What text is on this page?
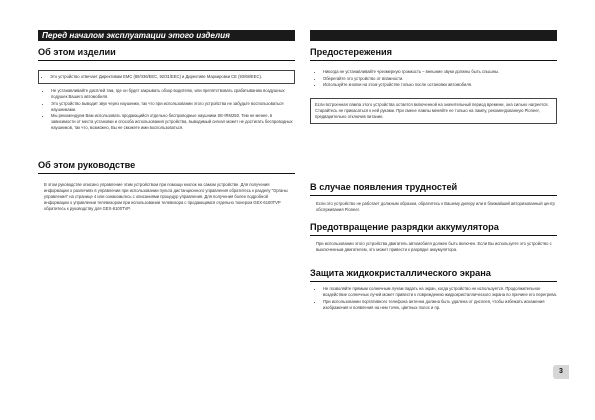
Перед началом эксплуатации этого изделия
Об этом изделии
• Это устройство отвечает Директивам EMC (89/336/EEC, 92/31/EEC) и Директиве Маркировки CE (93/68/EEC).
• Не устанавливайте дисплей там, где он будет закрывать обзор водителю, или препятствовать срабатыванию воздушных подушек Вашего автомобиля.
• Это устройство выводит звук через наушники, так что при использовании этого устройства не забудьте воспользоваться наушниками.
• Мы рекомендуем Вам использовать продающийся отдельно беспроводные наушники SE-IRM250. Тем не менее, в зависимости от места установки и способа использования устройства, выводимый сигнал может не достигать беспроводных наушников, так что, возможно, Вы не сможете ими воспользоваться.
Об этом руководстве
В этом руководстве описано управление этим устройством при помощи кнопок на самом устройстве. Для получения информации о различиях в управлении при использовании пульта дистанционного управления обратитесь к разделу "Органы управления" на странице 4 или ознакомьтесь с описаниями процедур управления. Для получения более подробной информации о управлении телевизором при использовании телевизора с продающимся отдельно тюнером GEX-6100TVP обратитесь к руководству для GEX-6100TVP.
Предостережения
• Никогда не устанавливайте чрезмерную громкость – внешние звуки должны быть слышны.
• Оберегайте это устройство от влажности.
• Используйте кнопки на этом устройстве только после остановки автомобиля.
Если встроенная лампа этого устройства остается включенной на значительный период времени, она сильно нагреется. Старайтесь не прикасаться к ней руками. При смене лампы меняйте ее только на лампу, рекомендованную Pioneer, предварительно отключив питание.
В случае появления трудностей
Если это устройство не работает должным образом, обратитесь к Вашему дилеру или в ближайший авторизованный центр обслуживания Pioneer.
Предотвращение разрядки аккумулятора
При использовании этого устройства двигатель автомобиля должен быть включен. Если Вы используете это устройство с выключенным двигателем, это может привести к разрядке аккумулятора.
Защита жидкокристаллического экрана
• Не позволяйте прямым солнечным лучам падать на экран, когда устройство не используется. Продолжительное воздействие солнечных лучей может привести к повреждению жидкокристаллического экрана по причине его перегрева.
• При использовании портативного телефона антенна должна быть удалена от дисплея, чтобы избежать искажения изображения и появления на нем точек, цветных полос и пр.
3
